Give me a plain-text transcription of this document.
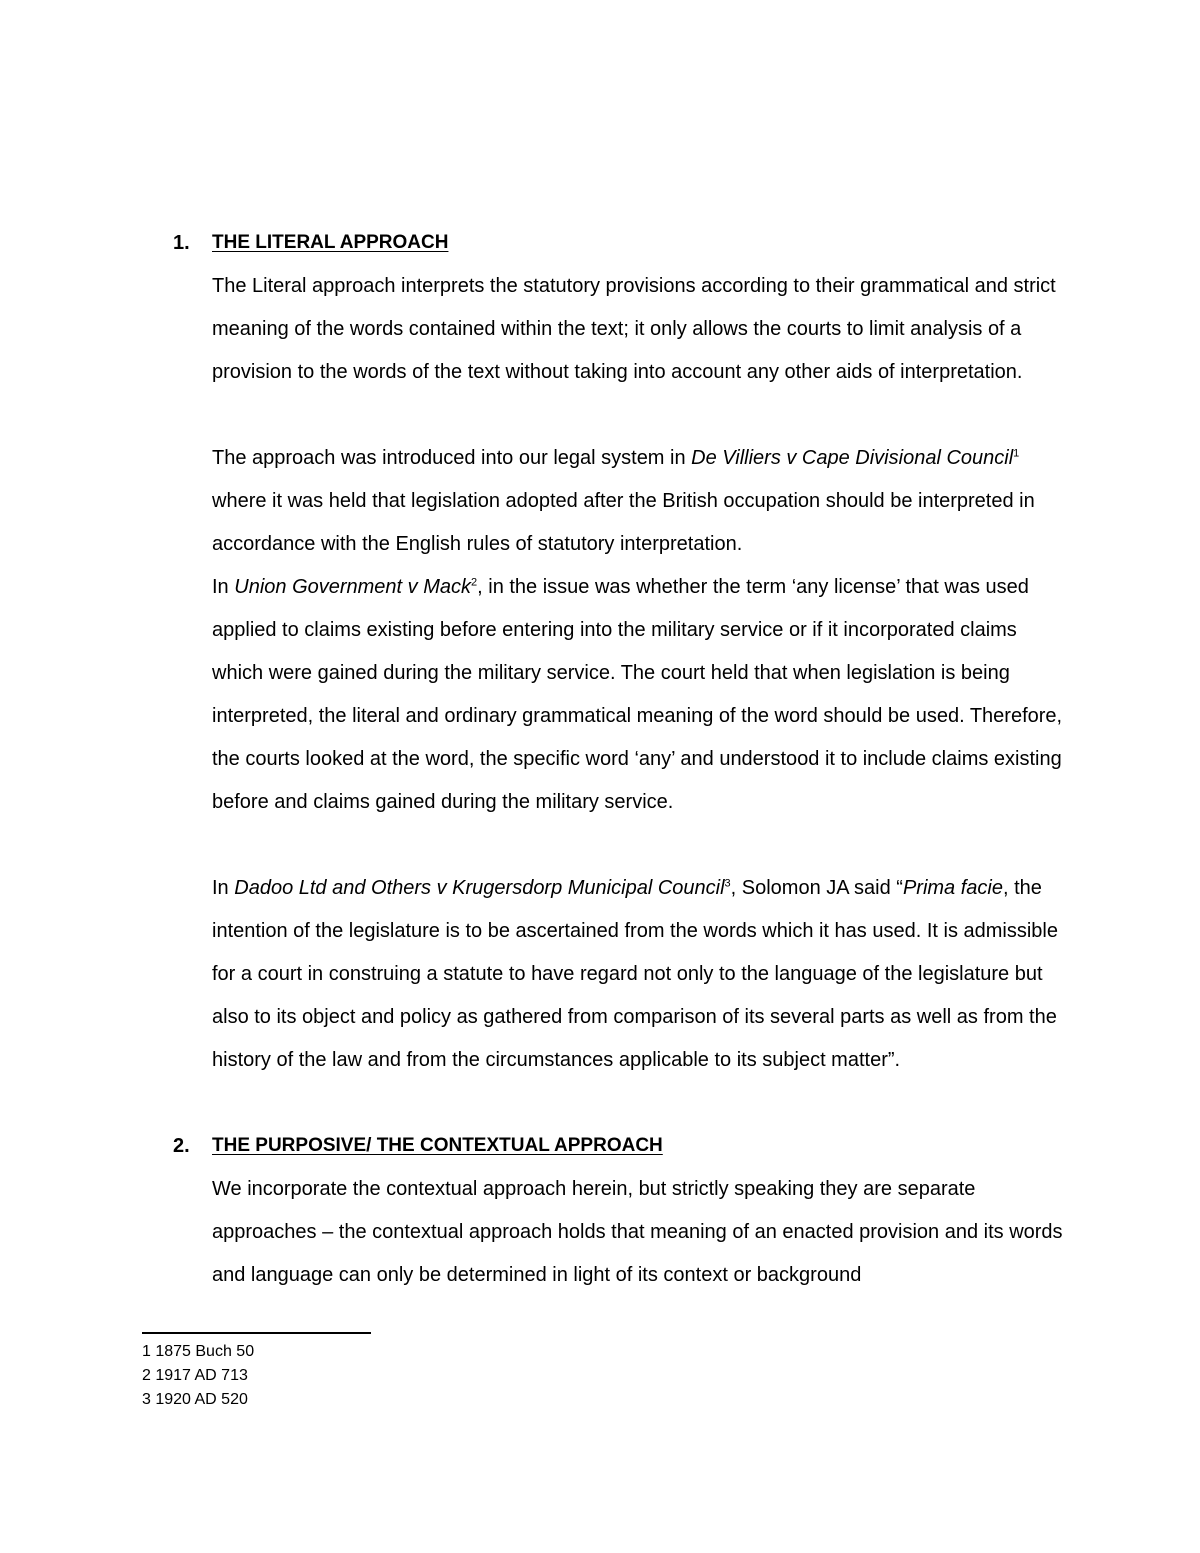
1. THE LITERAL APPROACH

The Literal approach interprets the statutory provisions according to their grammatical and strict meaning of the words contained within the text; it only allows the courts to limit analysis of a provision to the words of the text without taking into account any other aids of interpretation.

The approach was introduced into our legal system in De Villiers v Cape Divisional Council$^1$ where it was held that legislation adopted after the British occupation should be interpreted in accordance with the English rules of statutory interpretation.

In Union Government v Mack$^2$, in the issue was whether the term ‘any license’ that was used applied to claims existing before entering into the military service or if it incorporated claims which were gained during the military service. The court held that when legislation is being interpreted, the literal and ordinary grammatical meaning of the word should be used. Therefore, the courts looked at the word, the specific word ‘any’ and understood it to include claims existing before and claims gained during the military service.

In Dadoo Ltd and Others v Krugersdorp Municipal Council$^3$, Solomon JA said “Prima facie, the intention of the legislature is to be ascertained from the words which it has used. It is admissible for a court in construing a statute to have regard not only to the language of the legislature but also to its object and policy as gathered from comparison of its several parts as well as from the history of the law and from the circumstances applicable to its subject matter”.

2. THE PURPOSIVE/ THE CONTEXTUAL APPROACH

We incorporate the contextual approach herein, but strictly speaking they are separate approaches – the contextual approach holds that meaning of an enacted provision and its words and language can only be determined in light of its context or background

1 1875 Buch 50
2 1917 AD 713
3 1920 AD 520
